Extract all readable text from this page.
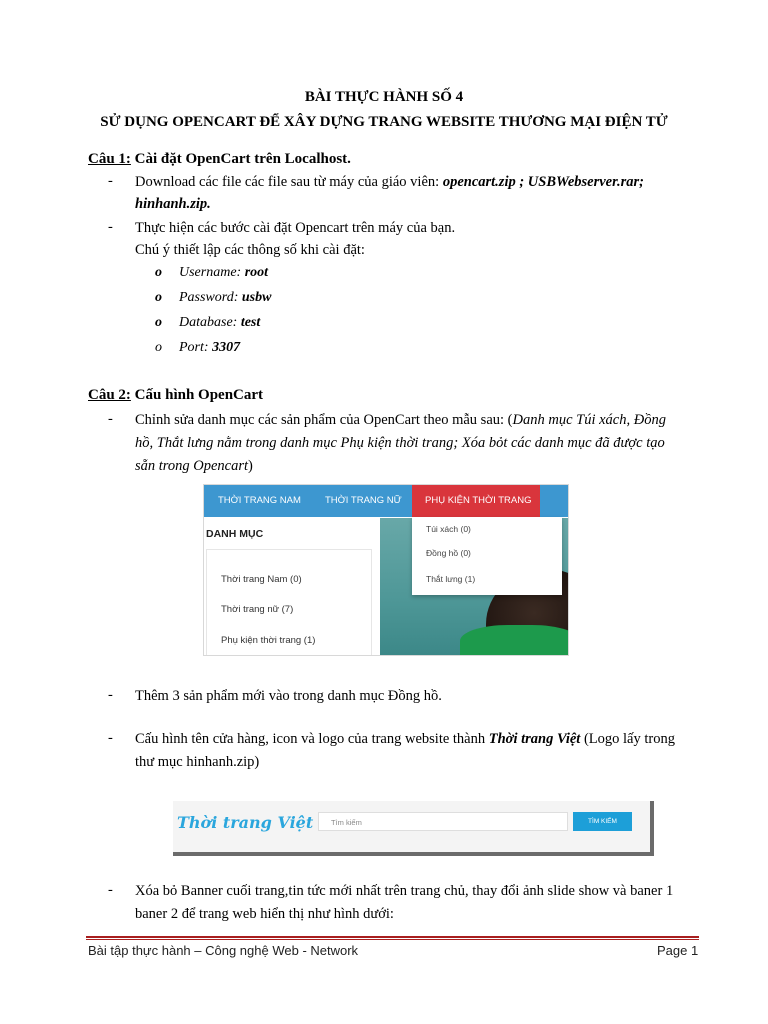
BÀI THỰC HÀNH SỐ 4
SỬ DỤNG OPENCART ĐỂ XÂY DỰNG TRANG WEBSITE THƯƠNG MẠI ĐIỆN TỬ
Câu 1: Cài đặt OpenCart trên Localhost.
- Download các file các file sau từ máy của giáo viên: opencart.zip ; USBWebserver.rar;
hinhanh.zip.
- Thực hiện các bước cài đặt Opencart trên máy của bạn.
Chú ý thiết lập các thông số khi cài đặt:
o Username: root
o Password: usbw
o Database: test
o Port: 3307
Câu 2: Cấu hình OpenCart
- Chỉnh sửa danh mục các sản phẩm của OpenCart theo mẫu sau: (Danh mục Túi xách, Đồng
hồ, Thắt lưng nằm trong danh mục Phụ kiện thời trang; Xóa bỏt các danh mục đã được tạo
sẵn trong Opencart)
THỜI TRANG NAM	THỜI TRANG NỮ PHỤ KIỆN THỜI TRANG
DANH MỤC
Thời trang Nam (0)
Thời trang nữ (7)
Phụ kiện thời trang (1)
Túi xách (0)
Đồng hồ (0)
Thắt lưng (1)
- Thêm 3 sản phẩm mới vào trong danh mục Đồng hồ.
- Cấu hình tên cửa hàng, icon và logo của trang website thành Thời trang Việt (Logo lấy trong
thư mục hinhanh.zip)
Thời trang Việt	Tìm kiếm	TÌM KIẾM
- Xóa bỏ Banner cuối trang,tin tức mới nhất trên trang chủ, thay đổi ảnh slide show và baner 1
baner 2 để trang web hiển thị như hình dưới:
Bài tập thực hành – Công nghệ Web - Network	Page 1
